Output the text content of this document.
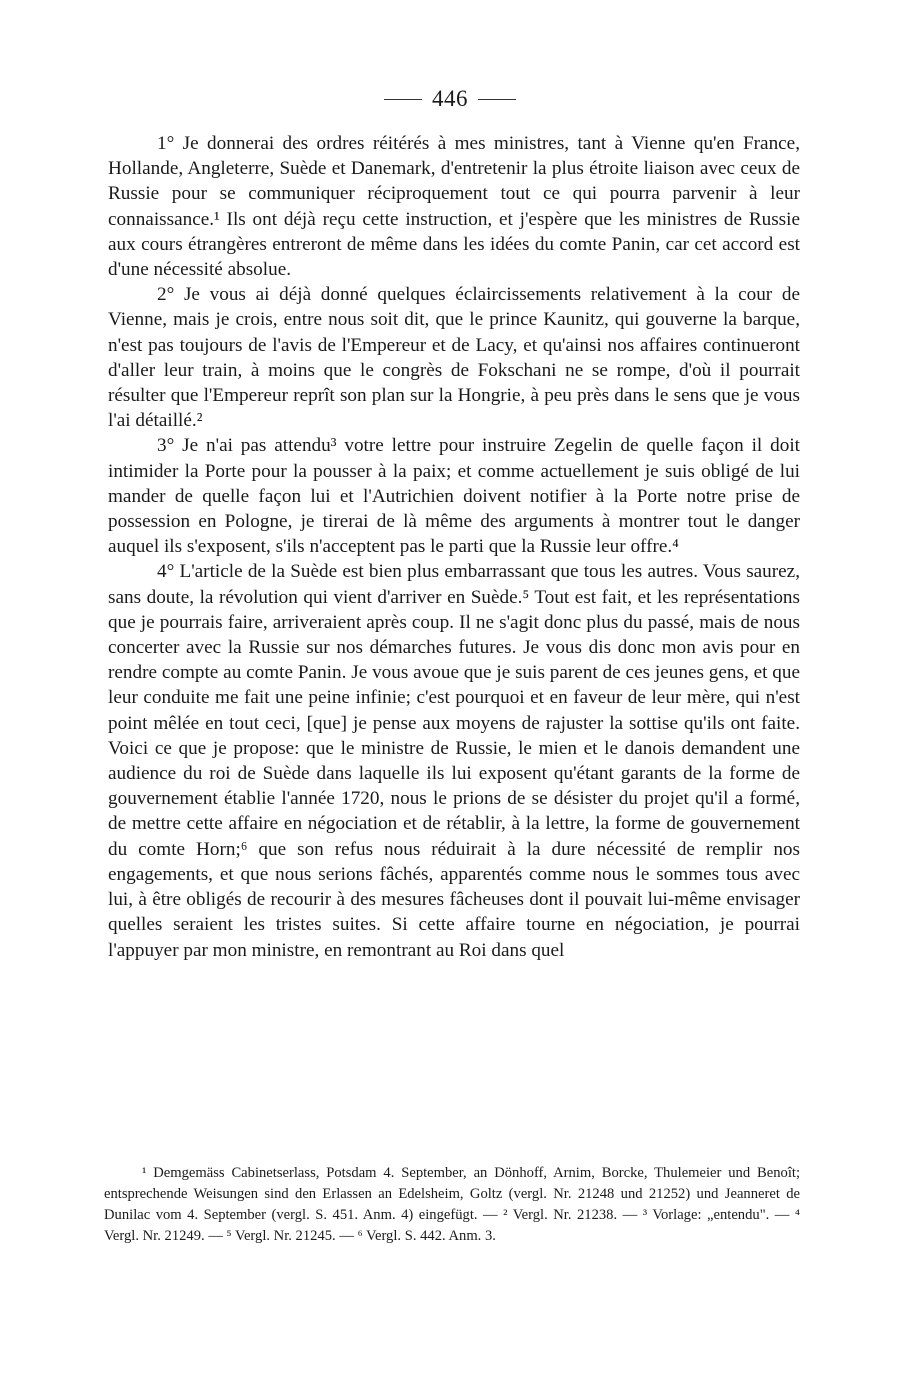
446

1° Je donnerai des ordres réitérés à mes ministres, tant à Vienne qu'en France, Hollande, Angleterre, Suède et Danemark, d'entretenir la plus étroite liaison avec ceux de Russie pour se communiquer réciproquement tout ce qui pourra parvenir à leur connaissance.¹ Ils ont déjà reçu cette instruction, et j'espère que les ministres de Russie aux cours étrangères entreront de même dans les idées du comte Panin, car cet accord est d'une nécessité absolue.

2° Je vous ai déjà donné quelques éclaircissements relativement à la cour de Vienne, mais je crois, entre nous soit dit, que le prince Kaunitz, qui gouverne la barque, n'est pas toujours de l'avis de l'Empereur et de Lacy, et qu'ainsi nos affaires continueront d'aller leur train, à moins que le congrès de Fokschani ne se rompe, d'où il pourrait résulter que l'Empereur reprît son plan sur la Hongrie, à peu près dans le sens que je vous l'ai détaillé.²

3° Je n'ai pas attendu³ votre lettre pour instruire Zegelin de quelle façon il doit intimider la Porte pour la pousser à la paix; et comme actuellement je suis obligé de lui mander de quelle façon lui et l'Autrichien doivent notifier à la Porte notre prise de possession en Pologne, je tirerai de là même des arguments à montrer tout le danger auquel ils s'exposent, s'ils n'acceptent pas le parti que la Russie leur offre.⁴

4° L'article de la Suède est bien plus embarrassant que tous les autres. Vous saurez, sans doute, la révolution qui vient d'arriver en Suède.⁵ Tout est fait, et les représentations que je pourrais faire, arriveraient après coup. Il ne s'agit donc plus du passé, mais de nous concerter avec la Russie sur nos démarches futures. Je vous dis donc mon avis pour en rendre compte au comte Panin. Je vous avoue que je suis parent de ces jeunes gens, et que leur conduite me fait une peine infinie; c'est pourquoi et en faveur de leur mère, qui n'est point mêlée en tout ceci, [que] je pense aux moyens de rajuster la sottise qu'ils ont faite. Voici ce que je propose: que le ministre de Russie, le mien et le danois demandent une audience du roi de Suède dans laquelle ils lui exposent qu'étant garants de la forme de gouvernement établie l'année 1720, nous le prions de se désister du projet qu'il a formé, de mettre cette affaire en négociation et de rétablir, à la lettre, la forme de gouvernement du comte Horn;⁶ que son refus nous réduirait à la dure nécessité de remplir nos engagements, et que nous serions fâchés, apparentés comme nous le sommes tous avec lui, à être obligés de recourir à des mesures fâcheuses dont il pouvait lui-même envisager quelles seraient les tristes suites. Si cette affaire tourne en négociation, je pourrai l'appuyer par mon ministre, en remontrant au Roi dans quel

¹ Demgemäss Cabinetserlass, Potsdam 4. September, an Dönhoff, Arnim, Borcke, Thulemeier und Benoît; entsprechende Weisungen sind den Erlassen an Edelsheim, Goltz (vergl. Nr. 21248 und 21252) und Jeanneret de Dunilac vom 4. September (vergl. S. 451. Anm. 4) eingefügt. — ² Vergl. Nr. 21238. — ³ Vorlage: „entendu". — ⁴ Vergl. Nr. 21249. — ⁵ Vergl. Nr. 21245. — ⁶ Vergl. S. 442. Anm. 3.
